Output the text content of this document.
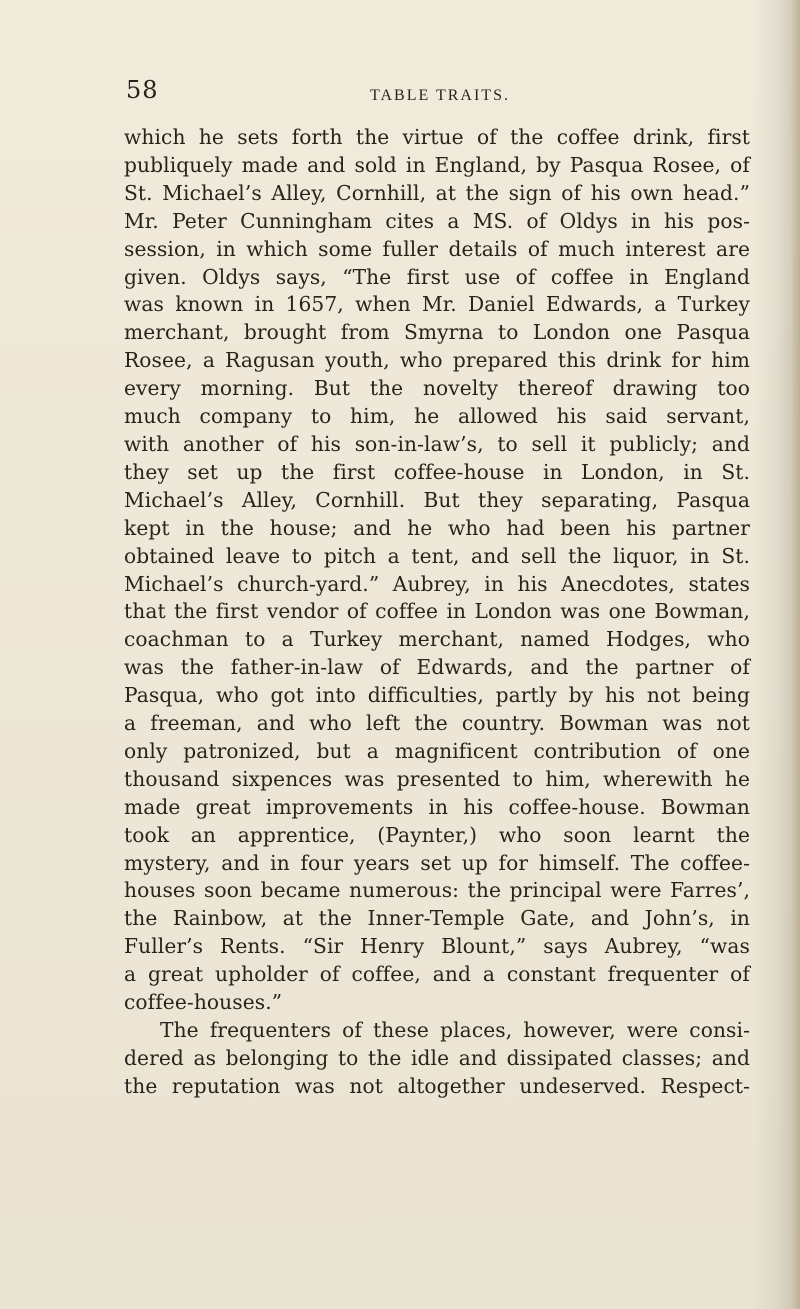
58	TABLE TRAITS.
which he sets forth the virtue of the coffee drink, first
publiquely made and sold in England, by Pasqua Rosee, of
St. Michael’s Alley, Cornhill, at the sign of his own head.”
Mr. Peter Cunningham cites a MS. of Oldys in his pos-
session, in which some fuller details of much interest are
given. Oldys says, “The first use of coffee in England
was known in 1657, when Mr. Daniel Edwards, a Turkey
merchant, brought from Smyrna to London one Pasqua
Rosee, a Ragusan youth, who prepared this drink for him
every morning. But the novelty thereof drawing too
much company to him, he allowed his said servant,
with another of his son-in-law’s, to sell it publicly; and
they set up the first coffee-house in London, in St.
Michael’s Alley, Cornhill. But they separating, Pasqua
kept in the house; and he who had been his partner
obtained leave to pitch a tent, and sell the liquor, in St.
Michael’s church-yard.” Aubrey, in his Anecdotes, states
that the first vendor of coffee in London was one Bowman,
coachman to a Turkey merchant, named Hodges, who
was the father-in-law of Edwards, and the partner of
Pasqua, who got into difficulties, partly by his not being
a freeman, and who left the country. Bowman was not
only patronized, but a magnificent contribution of one
thousand sixpences was presented to him, wherewith he
made great improvements in his coffee-house. Bowman
took an apprentice, (Paynter,) who soon learnt the
mystery, and in four years set up for himself. The coffee-
houses soon became numerous: the principal were Farres’,
the Rainbow, at the Inner-Temple Gate, and John’s, in
Fuller’s Rents. “Sir Henry Blount,” says Aubrey, “was
a great upholder of coffee, and a constant frequenter of
coffee-houses.”
The frequenters of these places, however, were consi-
dered as belonging to the idle and dissipated classes; and
the reputation was not altogether undeserved. Respect-
